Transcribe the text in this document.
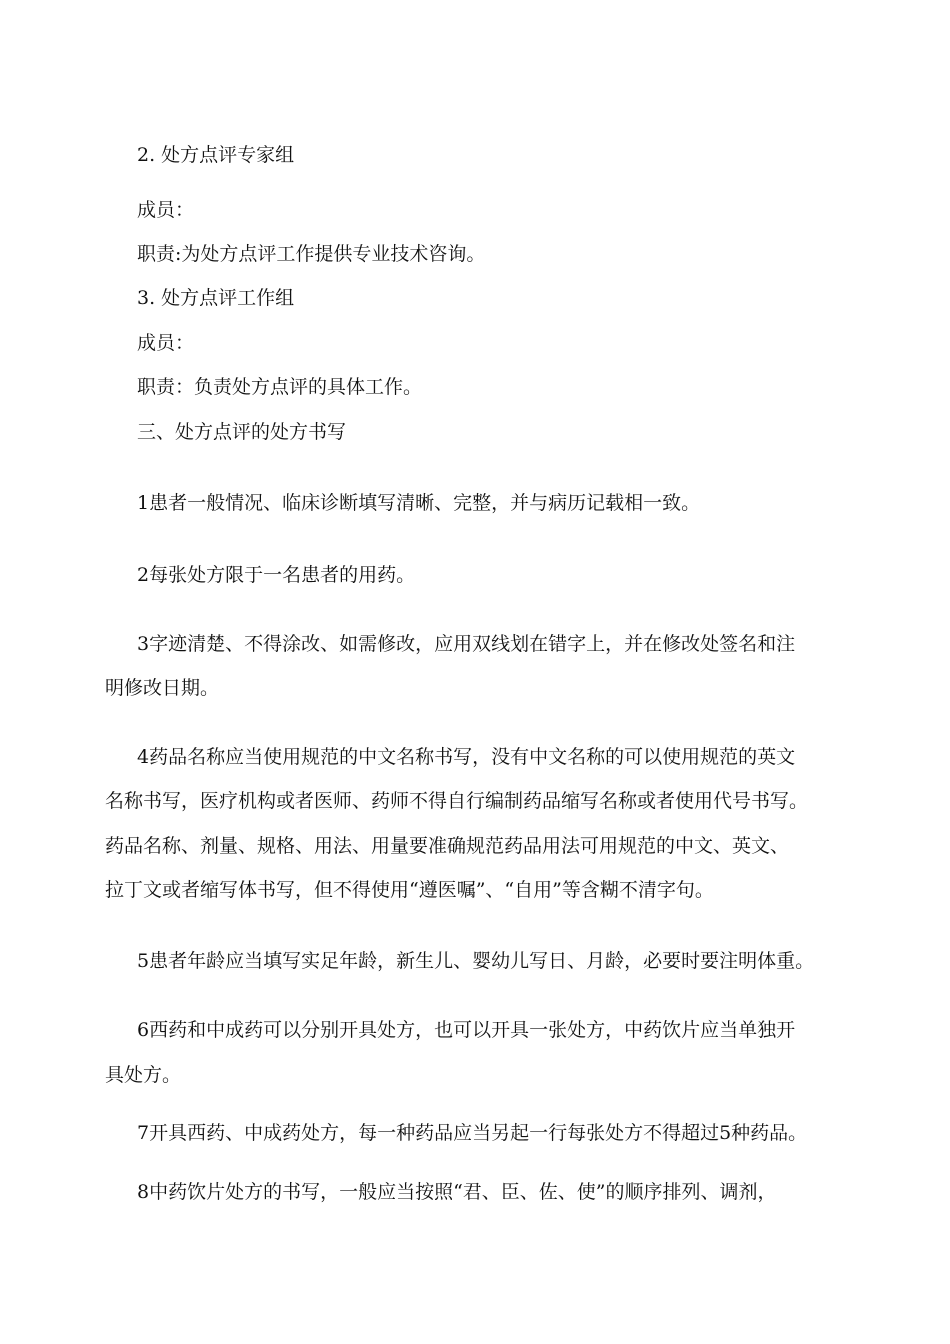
2. 处方点评专家组
成员：
职责:为处方点评工作提供专业技术咨询。
3. 处方点评工作组
成员：
职责：负责处方点评的具体工作。
三、处方点评的处方书写
1患者一般情况、临床诊断填写清晰、完整，并与病历记载相一致。
2每张处方限于一名患者的用药。
3字迹清楚、不得涂改、如需修改，应用双线划在错字上，并在修改处签名和注
明修改日期。
4药品名称应当使用规范的中文名称书写，没有中文名称的可以使用规范的英文
名称书写，医疗机构或者医师、药师不得自行编制药品缩写名称或者使用代号书写。
药品名称、剂量、规格、用法、用量要准确规范药品用法可用规范的中文、英文、
拉丁文或者缩写体书写，但不得使用“遵医嘱”、“自用”等含糊不清字句。
5患者年龄应当填写实足年龄，新生儿、婴幼儿写日、月龄，必要时要注明体重。
6西药和中成药可以分别开具处方，也可以开具一张处方，中药饮片应当单独开
具处方。
7开具西药、中成药处方，每一种药品应当另起一行每张处方不得超过5种药品。
8中药饮片处方的书写，一般应当按照“君、臣、佐、使”的顺序排列、调剂，
